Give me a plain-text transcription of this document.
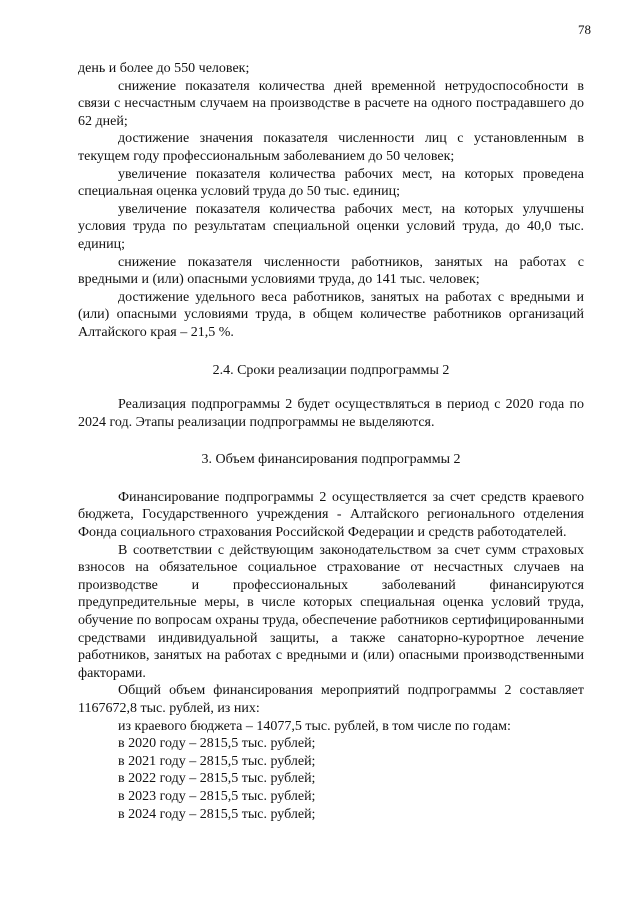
78

день и более до 550 человек;

снижение показателя количества дней временной нетрудоспособности в связи с несчастным случаем на производстве в расчете на одного пострадавшего до 62 дней;

достижение значения показателя численности лиц с установленным в текущем году профессиональным заболеванием до 50 человек;

увеличение показателя количества рабочих мест, на которых проведена специальная оценка условий труда до 50 тыс. единиц;

увеличение показателя количества рабочих мест, на которых улучшены условия труда по результатам специальной оценки условий труда, до 40,0 тыс. единиц;

снижение показателя численности работников, занятых на работах с вредными и (или) опасными условиями труда, до 141 тыс. человек;

достижение удельного веса работников, занятых на работах с вредными и (или) опасными условиями труда, в общем количестве работников организаций Алтайского края – 21,5 %.

2.4. Сроки реализации подпрограммы 2

Реализация подпрограммы 2 будет осуществляться в период с 2020 года по 2024 год. Этапы реализации подпрограммы не выделяются.

3. Объем финансирования подпрограммы 2

Финансирование подпрограммы 2 осуществляется за счет средств краевого бюджета, Государственного учреждения - Алтайского регионального отделения Фонда социального страхования Российской Федерации и средств работодателей.

В соответствии с действующим законодательством за счет сумм страховых взносов на обязательное социальное страхование от несчастных случаев на производстве и профессиональных заболеваний финансируются предупредительные меры, в числе которых специальная оценка условий труда, обучение по вопросам охраны труда, обеспечение работников сертифицированными средствами индивидуальной защиты, а также санаторно-курортное лечение работников, занятых на работах с вредными и (или) опасными производственными факторами.

Общий объем финансирования мероприятий подпрограммы 2 составляет 1167672,8 тыс. рублей, из них:

из краевого бюджета – 14077,5 тыс. рублей, в том числе по годам:

в 2020 году – 2815,5 тыс. рублей;

в 2021 году – 2815,5 тыс. рублей;

в 2022 году – 2815,5 тыс. рублей;

в 2023 году – 2815,5 тыс. рублей;

в 2024 году – 2815,5 тыс. рублей;
